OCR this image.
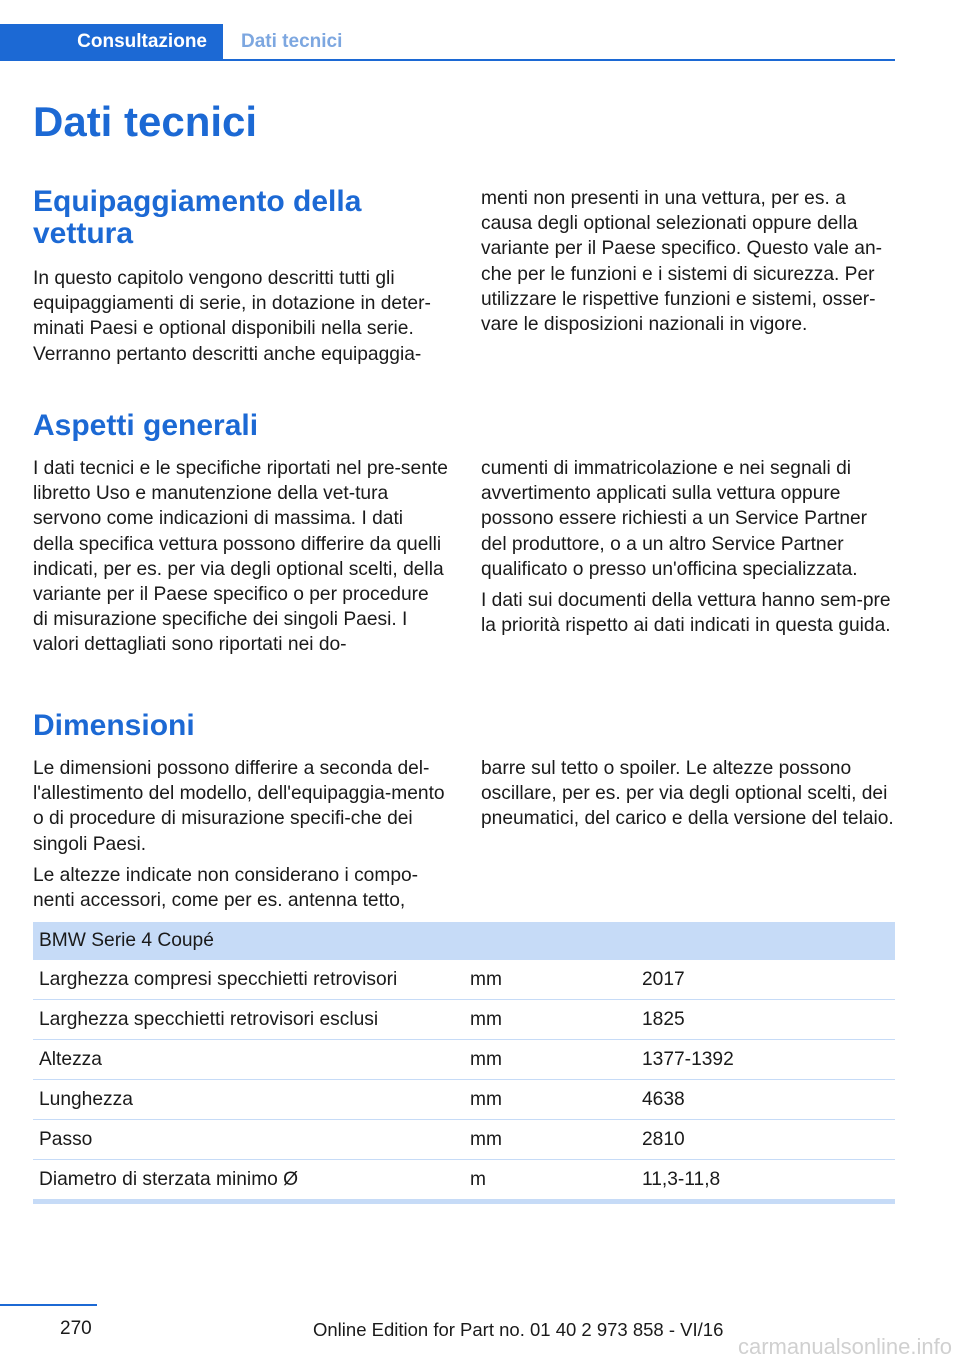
Consultazione	Dati tecnici
Dati tecnici
Equipaggiamento della vettura

In questo capitolo vengono descritti tutti gli equipaggiamenti di serie, in dotazione in deter-minati Paesi e optional disponibili nella serie. Verranno pertanto descritti anche equipaggia-

menti non presenti in una vettura, per es. a causa degli optional selezionati oppure della variante per il Paese specifico. Questo vale an-che per le funzioni e i sistemi di sicurezza. Per utilizzare le rispettive funzioni e sistemi, osser-vare le disposizioni nazionali in vigore.

Aspetti generali

I dati tecnici e le specifiche riportati nel pre-sente libretto Uso e manutenzione della vet-tura servono come indicazioni di massima. I dati della specifica vettura possono differire da quelli indicati, per es. per via degli optional scelti, della variante per il Paese specifico o per procedure di misurazione specifiche dei singoli Paesi. I valori dettagliati sono riportati nei do-

cumenti di immatricolazione e nei segnali di avvertimento applicati sulla vettura oppure possono essere richiesti a un Service Partner del produttore, o a un altro Service Partner qualificato o presso un'officina specializzata.

I dati sui documenti della vettura hanno sem-pre la priorità rispetto ai dati indicati in questa guida.

Dimensioni

Le dimensioni possono differire a seconda del-l'allestimento del modello, dell'equipaggia-mento o di procedure di misurazione specifi-che dei singoli Paesi.

Le altezze indicate non considerano i compo-nenti accessori, come per es. antenna tetto,

barre sul tetto o spoiler. Le altezze possono oscillare, per es. per via degli optional scelti, dei pneumatici, del carico e della versione del telaio.

BMW Serie 4 Coupé		
Larghezza compresi specchietti retrovisori	mm	2017
Larghezza specchietti retrovisori esclusi	mm	1825
Altezza	mm	1377-1392
Lunghezza	mm	4638
Passo	mm	2810
Diametro di sterzata minimo Ø	m	11,3-11,8
270	Online Edition for Part no. 01 40 2 973 858 - VI/16
carmanualsonline.info
